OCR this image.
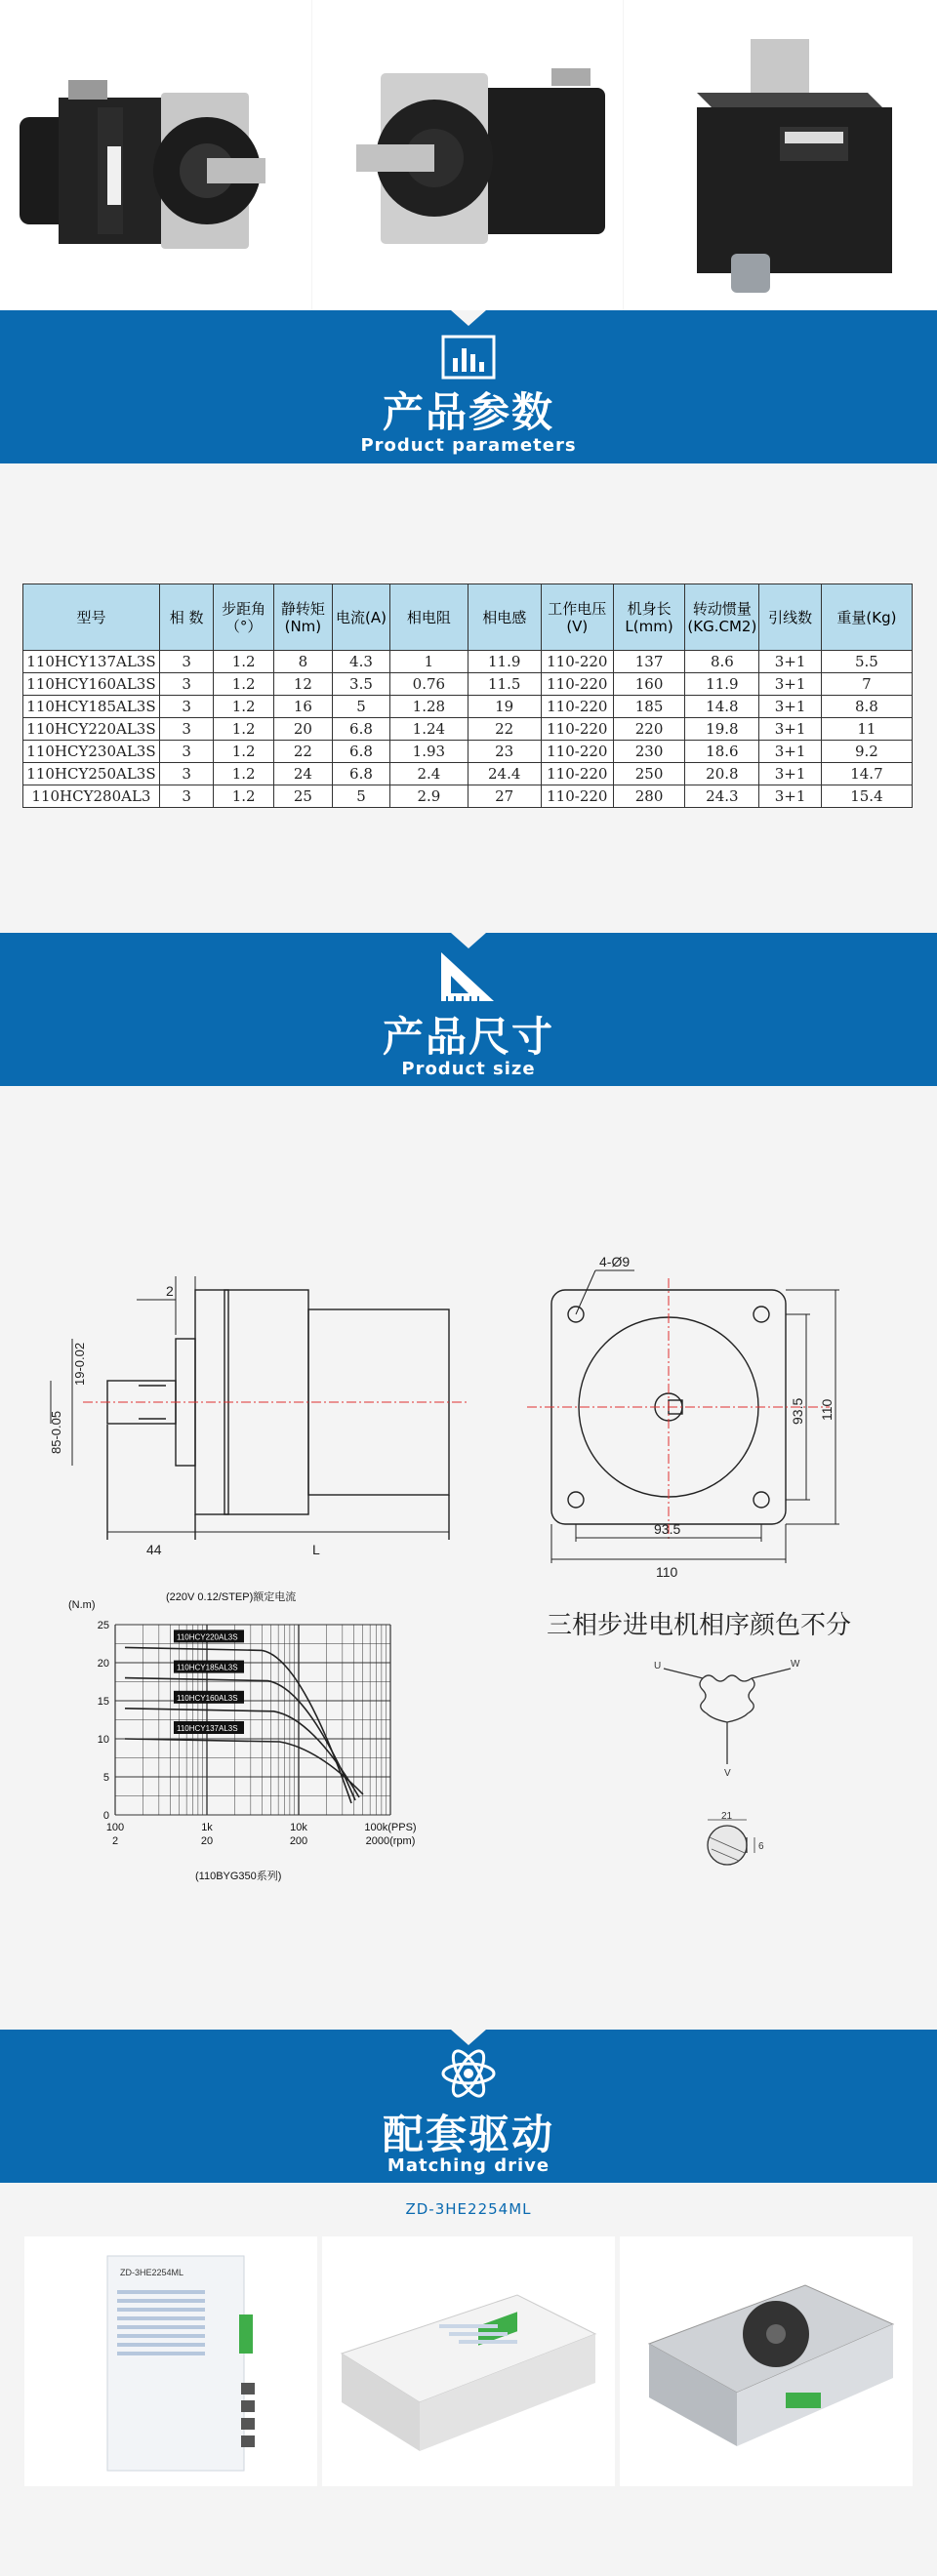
产品参数
Product parameters
型号	相 数	步距角（°）	静转矩(Nm)	电流(A)	相电阻	相电感	工作电压(V)	机身长 L(mm)	转动惯量 (KG.CM2)	引线数	重量(Kg)
110HCY137AL3S	3	1.2	8	4.3	1	11.9	110-220	137	8.6	3+1	5.5
110HCY160AL3S	3	1.2	12	3.5	0.76	11.5	110-220	160	11.9	3+1	7
110HCY185AL3S	3	1.2	16	5	1.28	19	110-220	185	14.8	3+1	8.8
110HCY220AL3S	3	1.2	20	6.8	1.24	22	110-220	220	19.8	3+1	11
110HCY230AL3S	3	1.2	22	6.8	1.93	23	110-220	230	18.6	3+1	9.2
110HCY250AL3S	3	1.2	24	6.8	2.4	24.4	110-220	250	20.8	3+1	14.7
110HCY280AL3	3	1.2	25	5	2.9	27	110-220	280	24.3	3+1	15.4
产品尺寸
Product size
44	L
2
19-0.02
85-0.05
4-Ø9
93.5
110
93.5 110
25
20
15
10
5
0
100	1k	10k	100k(PPS)
2	20	200	2000(rpm)
110HCY220AL3S
110HCY185AL3S
110HCY160AL3S
110HCY137AL3S
(N.m)
(220V 0.12/STEP)额定电流
(110BYG350系列)
三相步进电机相序颜色不分
U	W
V
21
6
配套驱动
Matching drive
ZD-3HE2254ML
ZD-3HE2254ML
